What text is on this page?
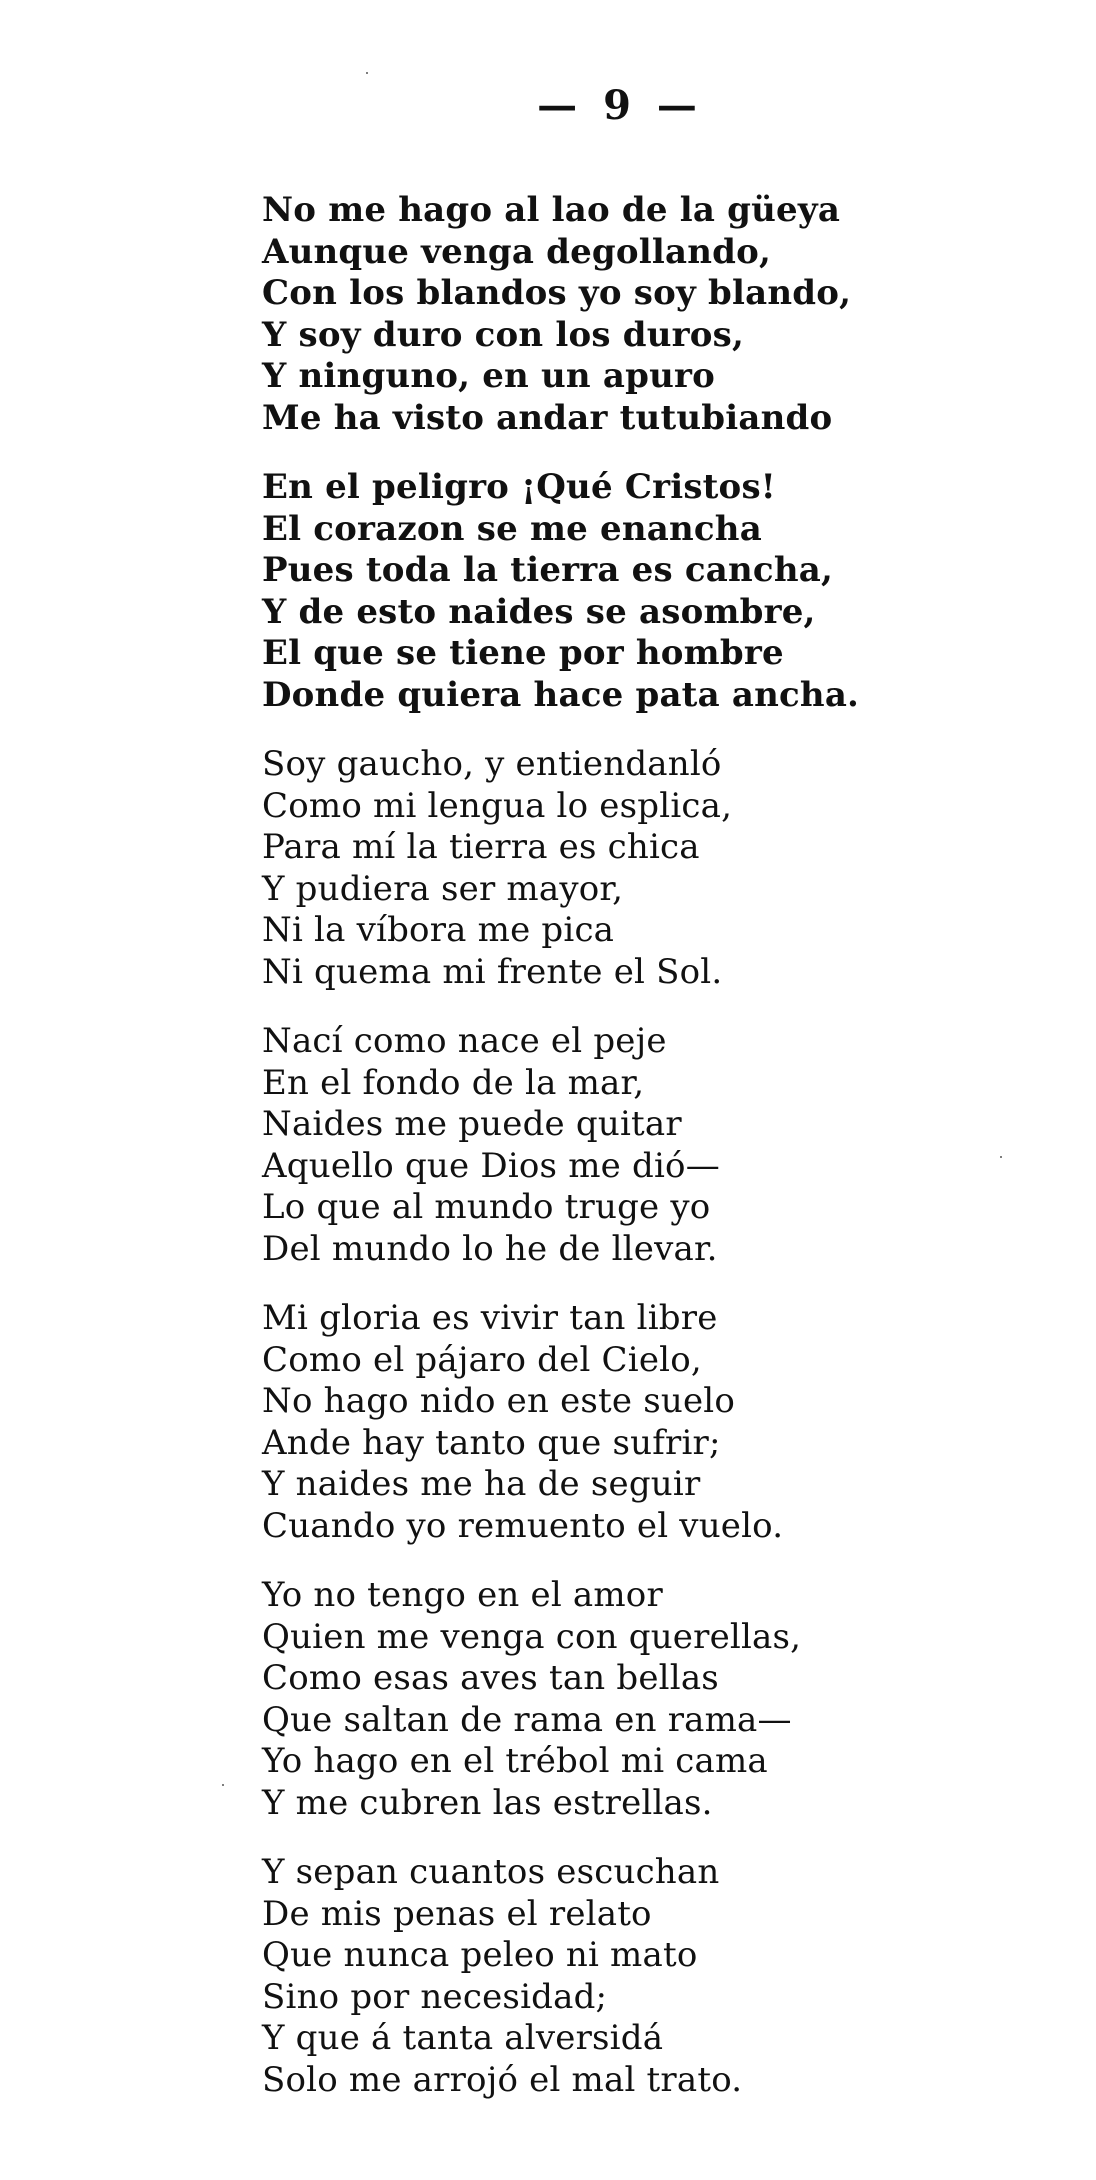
— 9 —
No me hago al lao de la güeya
Aunque venga degollando,
Con los blandos yo soy blando,
Y soy duro con los duros,
Y ninguno, en un apuro
Me ha visto andar tutubiando
En el peligro ¡Qué Cristos!
El corazon se me enancha
Pues toda la tierra es cancha,
Y de esto naides se asombre,
El que se tiene por hombre
Donde quiera hace pata ancha.
Soy gaucho, y entiendanló
Como mi lengua lo esplica,
Para mí la tierra es chica
Y pudiera ser mayor,
Ni la víbora me pica
Ni quema mi frente el Sol.
Nací como nace el peje
En el fondo de la mar,
Naides me puede quitar
Aquello que Dios me dió—
Lo que al mundo truge yo
Del mundo lo he de llevar.
Mi gloria es vivir tan libre
Como el pájaro del Cielo,
No hago nido en este suelo
Ande hay tanto que sufrir;
Y naides me ha de seguir
Cuando yo remuento el vuelo.
Yo no tengo en el amor
Quien me venga con querellas,
Como esas aves tan bellas
Que saltan de rama en rama—
Yo hago en el trébol mi cama
Y me cubren las estrellas.
Y sepan cuantos escuchan
De mis penas el relato
Que nunca peleo ni mato
Sino por necesidad;
Y que á tanta alversidá
Solo me arrojó el mal trato.
